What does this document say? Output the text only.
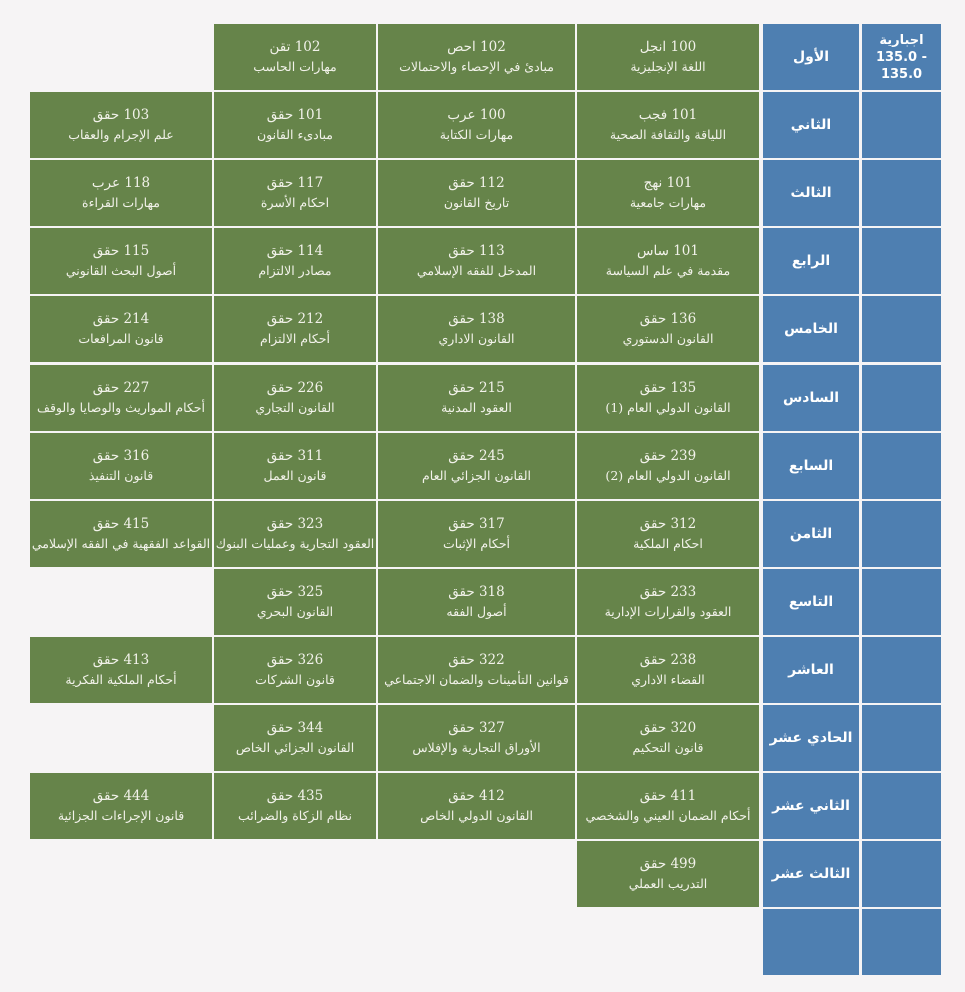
اجبارية
135.0 -
135.0
الأول
100 انجل
اللغة الإنجليزية
102 احص
مبادئ في الإحصاء والاحتمالات
102 تقن
مهارات الحاسب
الثاني
101 فجب
اللياقة والثقافة الصحية
100 عرب
مهارات الكتابة
101 حقق
مبادىء القانون
103 حقق
علم الإجرام والعقاب
الثالث
101 نهج
مهارات جامعية
112 حقق
تاريخ القانون
117 حقق
احكام الأسرة
118 عرب
مهارات القراءة
الرابع
101 ساس
مقدمة في علم السياسة
113 حقق
المدخل للفقه الإسلامي
114 حقق
مصادر الالتزام
115 حقق
أصول البحث القانوني
الخامس
136 حقق
القانون الدستوري
138 حقق
القانون الاداري
212 حقق
أحكام الالتزام
214 حقق
قانون المرافعات
السادس
135 حقق
القانون الدولي العام (1)
215 حقق
العقود المدنية
226 حقق
القانون التجاري
227 حقق
أحكام المواريث والوصايا والوقف
السابع
239 حقق
القانون الدولي العام (2)
245 حقق
القانون الجزائي العام
311 حقق
قانون العمل
316 حقق
قانون التنفيذ
الثامن
312 حقق
احكام الملكية
317 حقق
أحكام الإثبات
323 حقق
العقود التجارية وعمليات البنوك
415 حقق
القواعد الفقهية في الفقه الإسلامي
التاسع
233 حقق
العقود والقرارات الإدارية
318 حقق
أصول الفقه
325 حقق
القانون البحري
العاشر
238 حقق
القضاء الاداري
322 حقق
قوانين التأمينات والضمان الاجتماعي
326 حقق
قانون الشركات
413 حقق
أحكام الملكية الفكرية
الحادي عشر
320 حقق
قانون التحكيم
327 حقق
الأوراق التجارية والإفلاس
344 حقق
القانون الجزائي الخاص
الثاني عشر
411 حقق
أحكام الضمان العيني والشخصي
412 حقق
القانون الدولي الخاص
435 حقق
نظام الزكاة والضرائب
444 حقق
قانون الإجراءات الجزائية
الثالث عشر
499 حقق
التدريب العملي
